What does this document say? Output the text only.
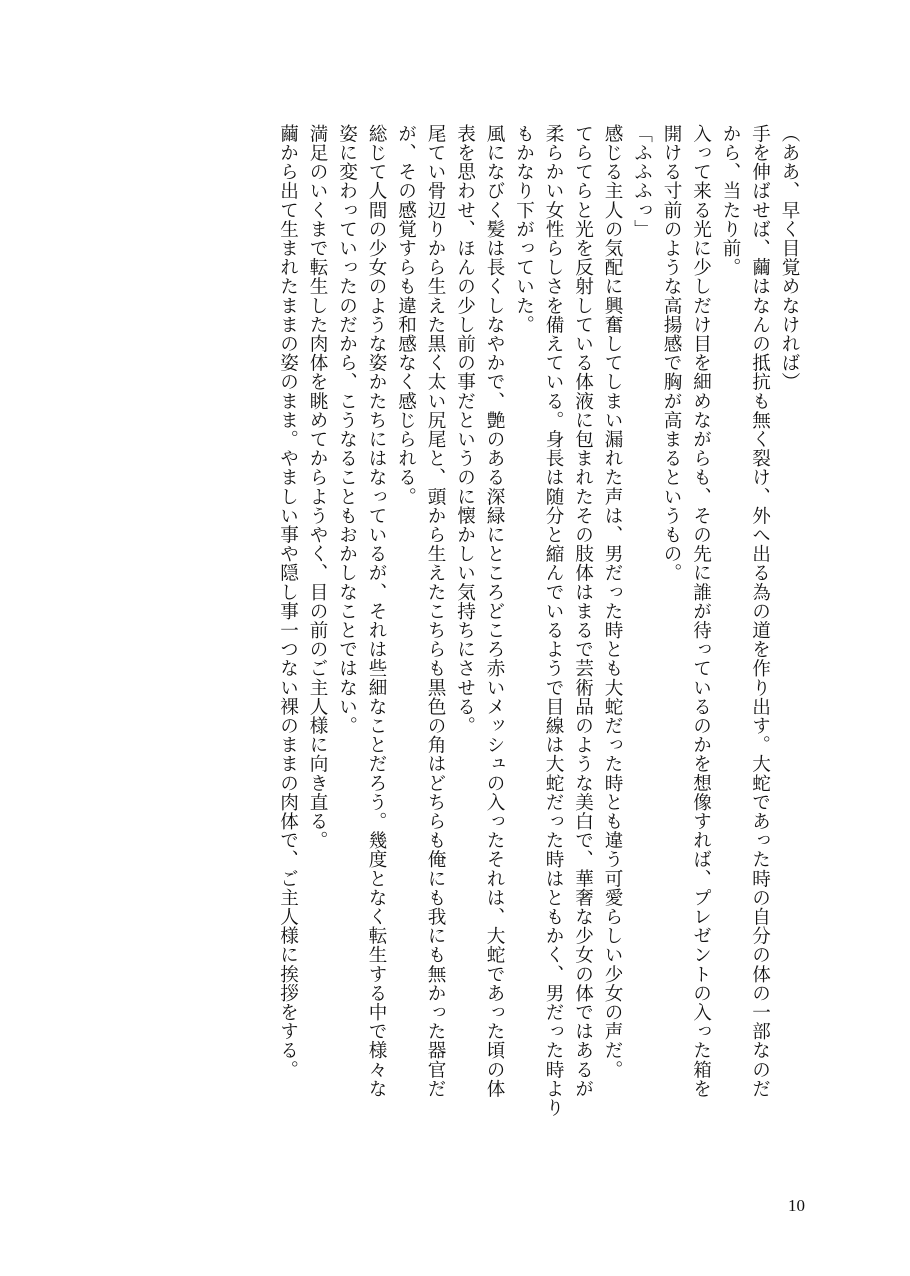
（ああ、早く目覚めなければ）

手を伸ばせば、繭はなんの抵抗も無く裂け、外へ出る為の道を作り出す。大蛇であった時の自分の体の一部なのだ

から、当たり前。

入って来る光に少しだけ目を細めながらも、その先に誰が待っているのかを想像すれば、プレゼントの入った箱を

開ける寸前のような高揚感で胸が高まるというもの。

「ふふふっ」

感じる主人の気配に興奮してしまい漏れた声は、男だった時とも大蛇だった時とも違う可愛らしい少女の声だ。

てらてらと光を反射している体液に包まれたその肢体はまるで芸術品のような美白で、華奢な少女の体ではあるが

柔らかい女性らしさを備えている。身長は随分と縮んでいるようで目線は大蛇だった時はともかく、男だった時より

もかなり下がっていた。

風になびく髪は長くしなやかで、艶のある深緑にところどころ赤いメッシュの入ったそれは、大蛇であった頃の体

表を思わせ、ほんの少し前の事だというのに懐かしい気持ちにさせる。

尾てい骨辺りから生えた黒く太い尻尾と、頭から生えたこちらも黒色の角はどちらも俺にも我にも無かった器官だ

が、その感覚すらも違和感なく感じられる。

総じて人間の少女のような姿かたちにはなっているが、それは些細なことだろう。幾度となく転生する中で様々な

姿に変わっていったのだから、こうなることもおかしなことではない。

満足のいくまで転生した肉体を眺めてからようやく、目の前のご主人様に向き直る。

繭から出て生まれたままの姿のまま。やましい事や隠し事一つない裸のままの肉体で、ご主人様に挨拶をする。

10
